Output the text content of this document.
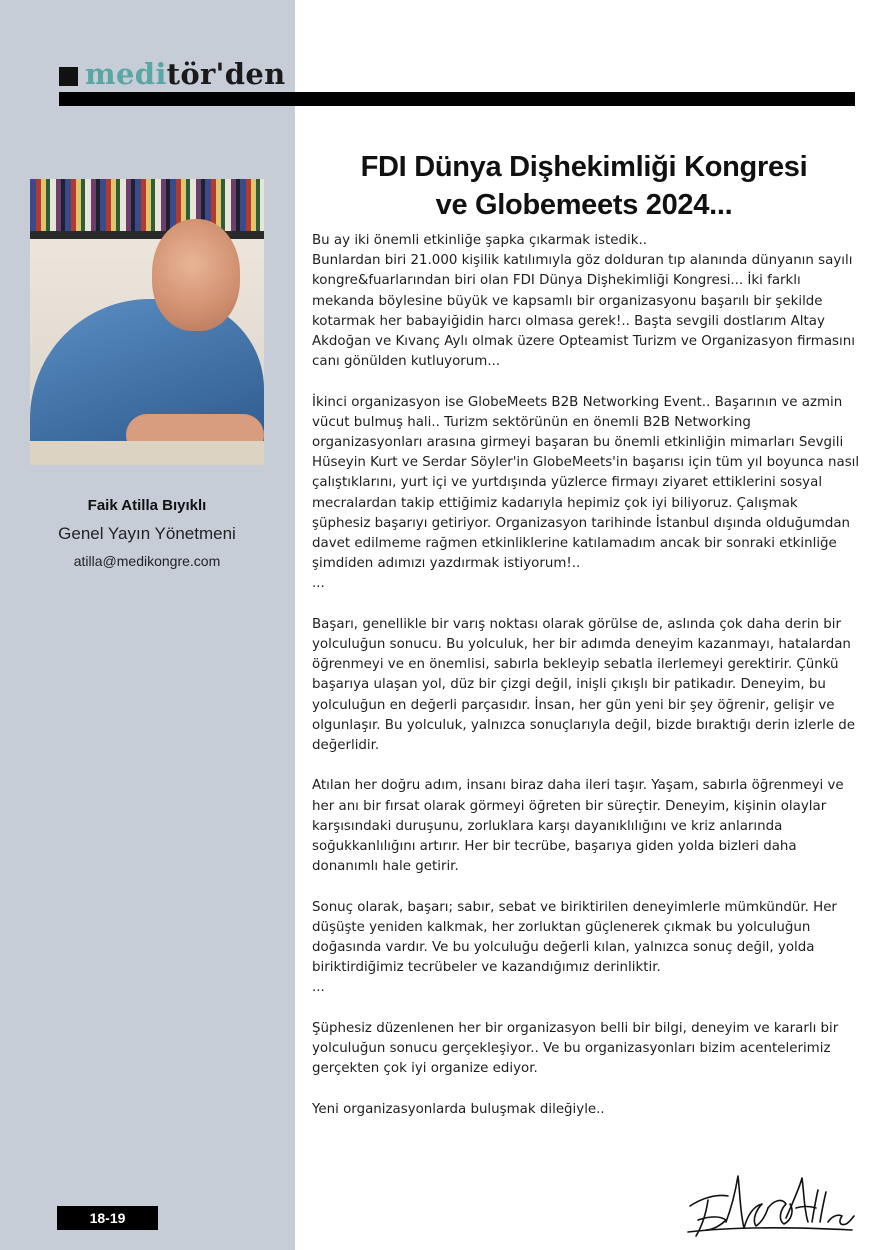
meditör'den
Faik Atilla Bıyıklı
Genel Yayın Yönetmeni
atilla@medikongre.com
18-19
FDI Dünya Dişhekimliği Kongresi
ve Globemeets 2024...

Bu ay iki önemli etkinliğe şapka çıkarmak istedik..
Bunlardan biri 21.000 kişilik katılımıyla göz dolduran tıp alanında dünyanın sayılı kongre&fuarlarından biri olan FDI Dünya Dişhekimliği Kongresi... İki farklı mekanda böylesine büyük ve kapsamlı bir organizasyonu başarılı bir şekilde kotarmak her babayiğidin harcı olmasa gerek!.. Başta sevgili dostlarım Altay Akdoğan ve Kıvanç Aylı olmak üzere Opteamist Turizm ve Organizasyon firmasını canı gönülden kutluyorum...

İkinci organizasyon ise GlobeMeets B2B Networking Event.. Başarının ve azmin vücut bulmuş hali.. Turizm sektörünün en önemli B2B Networking organizasyonları arasına girmeyi başaran bu önemli etkinliğin mimarları Sevgili Hüseyin Kurt ve Serdar Söyler'in GlobeMeets'in başarısı için tüm yıl boyunca nasıl çalıştıklarını, yurt içi ve yurtdışında yüzlerce firmayı ziyaret ettiklerini sosyal mecralardan takip ettiğimiz kadarıyla hepimiz çok iyi biliyoruz. Çalışmak şüphesiz başarıyı getiriyor. Organizasyon tarihinde İstanbul dışında olduğumdan davet edilmeme rağmen etkinliklerine katılamadım ancak bir sonraki etkinliğe şimdiden adımızı yazdırmak istiyorum!..
...

Başarı, genellikle bir varış noktası olarak görülse de, aslında çok daha derin bir yolculuğun sonucu. Bu yolculuk, her bir adımda deneyim kazanmayı, hatalardan öğrenmeyi ve en önemlisi, sabırla bekleyip sebatla ilerlemeyi gerektirir. Çünkü başarıya ulaşan yol, düz bir çizgi değil, inişli çıkışlı bir patikadır. Deneyim, bu yolculuğun en değerli parçasıdır. İnsan, her gün yeni bir şey öğrenir, gelişir ve olgunlaşır. Bu yolculuk, yalnızca sonuçlarıyla değil, bizde bıraktığı derin izlerle de değerlidir.

Atılan her doğru adım, insanı biraz daha ileri taşır. Yaşam, sabırla öğrenmeyi ve her anı bir fırsat olarak görmeyi öğreten bir süreçtir. Deneyim, kişinin olaylar karşısındaki duruşunu, zorluklara karşı dayanıklılığını ve kriz anlarında soğukkanlılığını artırır. Her bir tecrübe, başarıya giden yolda bizleri daha donanımlı hale getirir.

Sonuç olarak, başarı; sabır, sebat ve biriktirilen deneyimlerle mümkündür. Her düşüşte yeniden kalkmak, her zorluktan güçlenerek çıkmak bu yolculuğun doğasında vardır. Ve bu yolculuğu değerli kılan, yalnızca sonuç değil, yolda biriktirdiğimiz tecrübeler ve kazandığımız derinliktir.
...

Şüphesiz düzenlenen her bir organizasyon belli bir bilgi, deneyim ve kararlı bir yolculuğun sonucu gerçekleşiyor.. Ve bu organizasyonları bizim acentelerimiz gerçekten çok iyi organize ediyor.

Yeni organizasyonlarda buluşmak dileğiyle..
